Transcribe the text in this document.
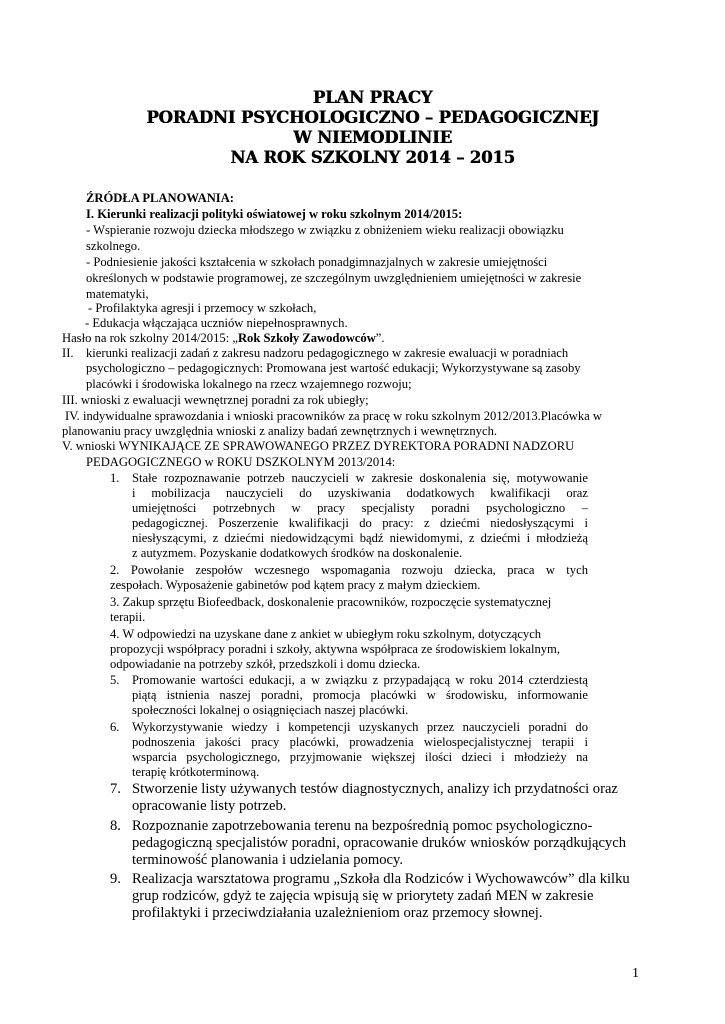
PLAN PRACY
PORADNI PSYCHOLOGICZNO – PEDAGOGICZNEJ
W NIEMODLINIE
NA ROK SZKOLNY 2014 – 2015
ŹRÓDŁA PLANOWANIA:
I. Kierunki realizacji polityki oświatowej w roku szkolnym 2014/2015:
- Wspieranie rozwoju dziecka młodszego w związku z obniżeniem wieku realizacji obowiązku
szkolnego.
- Podniesienie jakości kształcenia w szkołach ponadgimnazjalnych w zakresie umiejętności
określonych w podstawie programowej, ze szczególnym uwzględnieniem umiejętności w zakresie
matematyki,
- Profilaktyka agresji i przemocy w szkołach,
- Edukacja włączająca uczniów niepełnosprawnych.
Hasło na rok szkolny 2014/2015: „Rok Szkoły Zawodowców”.
II. kierunki realizacji zadań z zakresu nadzoru pedagogicznego w zakresie ewaluacji w poradniach
psychologiczno – pedagogicznych: Promowana jest wartość edukacji; Wykorzystywane są zasoby
placówki i środowiska lokalnego na rzecz wzajemnego rozwoju;
III. wnioski z ewaluacji wewnętrznej poradni za rok ubiegły;
IV. indywidualne sprawozdania i wnioski pracowników za pracę w roku szkolnym 2012/2013.Placówka w
planowaniu pracy uwzględnia wnioski z analizy badań zewnętrznych i wewnętrznych.
V. wnioski WYNIKAJĄCE ZE SPRAWOWANEGO PRZEZ DYREKTORA PORADNI NADZORU
PEDAGOGICZNEGO w ROKU DSZKOLNYM 2013/2014:
1. Stałe rozpoznawanie potrzeb nauczycieli w zakresie doskonalenia się, motywowanie
i mobilizacja nauczycieli do uzyskiwania dodatkowych kwalifikacji oraz
umiejętności potrzebnych w pracy specjalisty poradni psychologiczno –
pedagogicznej. Poszerzenie kwalifikacji do pracy: z dziećmi niedosłyszącymi i
niesłyszącymi, z dziećmi niedowidzącymi bądź niewidomymi, z dziećmi i młodzieżą
z autyzmem. Pozyskanie dodatkowych środków na doskonalenie.
2. Powołanie zespołów wczesnego wspomagania rozwoju dziecka, praca w tych
zespołach. Wyposażenie gabinetów pod kątem pracy z małym dzieckiem.
3. Zakup sprzętu Biofeedback, doskonalenie pracowników, rozpoczęcie systematycznej
terapii.
4. W odpowiedzi na uzyskane dane z ankiet w ubiegłym roku szkolnym, dotyczących
propozycji współpracy poradni i szkoły, aktywna współpraca ze środowiskiem lokalnym,
odpowiadanie na potrzeby szkół, przedszkoli i domu dziecka.
5. Promowanie wartości edukacji, a w związku z przypadającą w roku 2014 czterdziestą
piątą istnienia naszej poradni, promocja placówki w środowisku, informowanie
społeczności lokalnej o osiągnięciach naszej placówki.
6. Wykorzystywanie wiedzy i kompetencji uzyskanych przez nauczycieli poradni do
podnoszenia jakości pracy placówki, prowadzenia wielospecjalistycznej terapii i
wsparcia psychologicznego, przyjmowanie większej ilości dzieci i młodzieży na
terapię krótkoterminową.
7. Stworzenie listy używanych testów diagnostycznych, analizy ich przydatności oraz
opracowanie listy potrzeb.
8. Rozpoznanie zapotrzebowania terenu na bezpośrednią pomoc psychologiczno-
pedagogiczną specjalistów poradni, opracowanie druków wniosków porządkujących
terminowość planowania i udzielania pomocy.
9. Realizacja warsztatowa programu „Szkoła dla Rodziców i Wychowawców” dla kilku
grup rodziców, gdyż te zajęcia wpisują się w priorytety zadań MEN w zakresie
profilaktyki i przeciwdziałania uzależnieniom oraz przemocy słownej.
1
